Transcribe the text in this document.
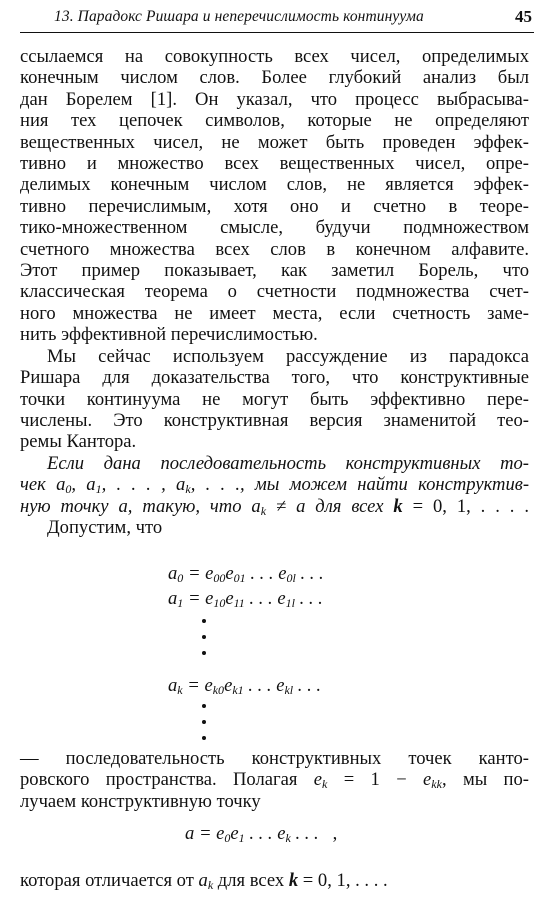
13. Парадокс Ришара и неперечислимость континуума	45

ссылаемся на совокупность всех чисел, определимых
конечным числом слов. Более глубокий анализ был
дан Борелем [1]. Он указал, что процесс выбрасыва-
ния тех цепочек символов, которые не определяют
вещественных чисел, не может быть проведен эффек-
тивно и множество всех вещественных чисел, опре-
делимых конечным числом слов, не является эффек-
тивно перечислимым, хотя оно и счетно в теоре-
тико-множественном смысле, будучи подмножеством
счетного множества всех слов в конечном алфавите.
Этот пример показывает, как заметил Борель, что
классическая теорема о счетности подмножества счет-
ного множества не имеет места, если счетность заме-
нить эффективной перечислимостью.

Мы сейчас используем рассуждение из парадокса
Ришара для доказательства того, что конструктивные
точки континуума не могут быть эффективно пере-
числены. Это конструктивная версия знаменитой тео-
ремы Кантора.

Если дана последовательность конструктивных то-
чек $a_0$, $a_1$, . . . , $a_k$, . . ., мы можем найти конструктив-
ную точку a, такую, что $a_k \ne a$ для всех k = 0, 1, . . . .

Допустим, что

$a_0 = e_{00}e_{01}$ . . . $e_{0l}$ . . .
$a_1 = e_{10}e_{11}$ . . . $e_{1l}$ . . .
$a_k = e_{k0}e_{k1}$ . . . $e_{kl}$ . . .
— последовательность конструктивных точек канто-
ровского пространства. Полагая $e_k = 1 - e_{kk}$, мы по-
лучаем конструктивную точку
$a = e_0e_1$ . . . $e_k$ . . .   ,
которая отличается от $a_k$ для всех k = 0, 1, . . . .
